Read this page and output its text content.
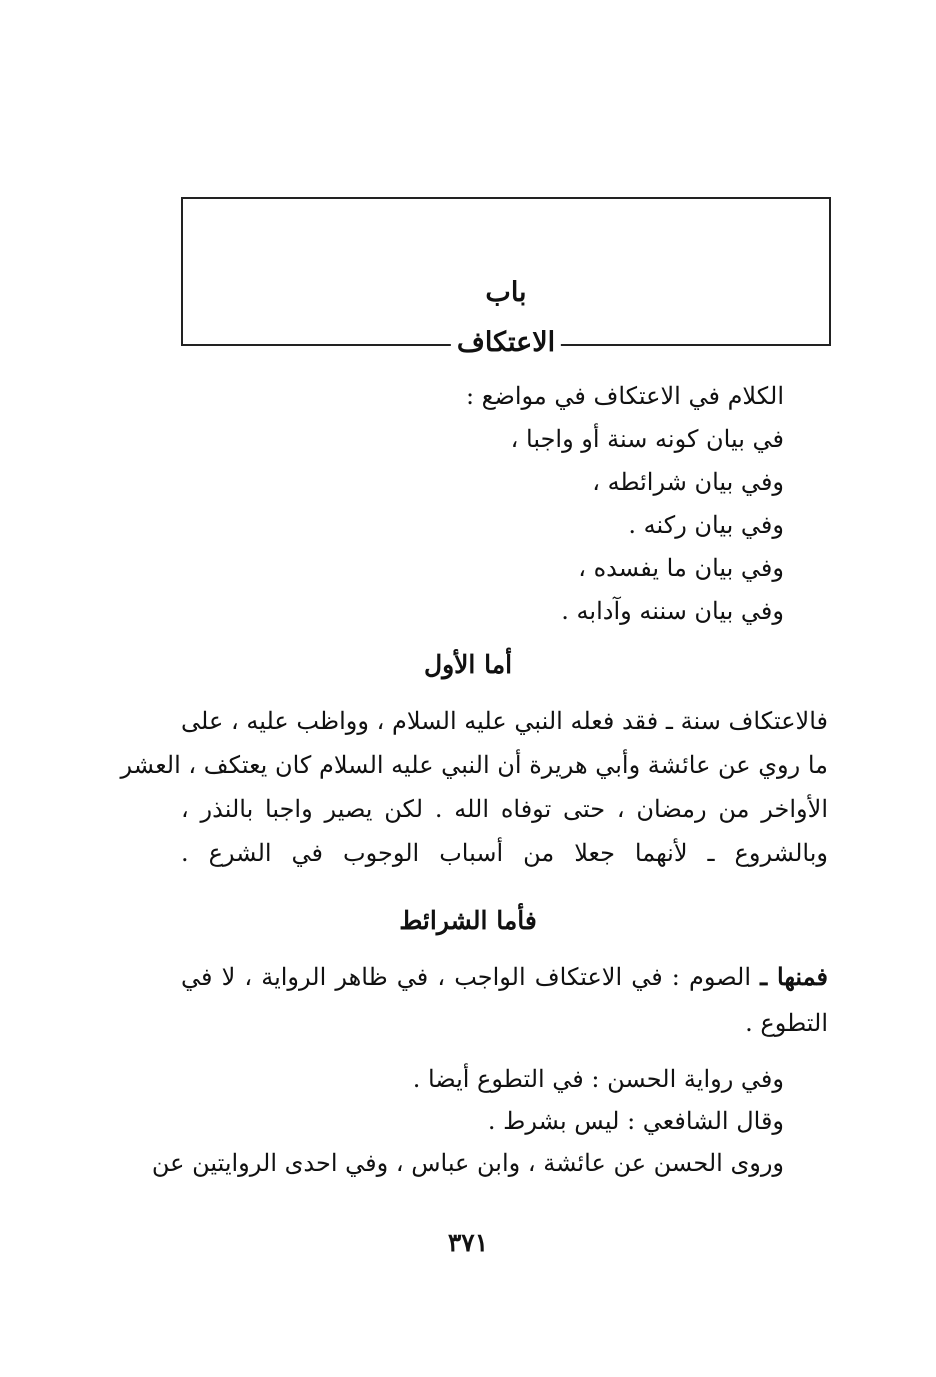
باب
الاعتكاف
الكلام في الاعتكاف في مواضع :
في بيان كونه سنة أو واجبا ،
وفي بيان شرائطه ،
وفي بيان ركنه .
وفي بيان ما يفسده ،
وفي بيان سننه وآدابه .
أما الأول
فالاعتكاف سنة ـ فقد فعله النبي عليه السلام ، وواظب عليه ، على
ما روي عن عائشة وأبي هريرة أن النبي عليه السلام كان يعتكف ، العشر
الأواخر من رمضان ، حتى توفاه الله . لكن يصير واجبا بالنذر ،
وبالشروع ـ لأنهما جعلا من أسباب الوجوب في الشرع .
فأما الشرائط
فمنها ـ الصوم : في الاعتكاف الواجب ، في ظاهر الرواية ، لا في
التطوع .
وفي رواية الحسن : في التطوع أيضا .
وقال الشافعي : ليس بشرط .
وروى الحسن عن عائشة ، وابن عباس ، وفي احدى الروايتين عن
٣٧١
